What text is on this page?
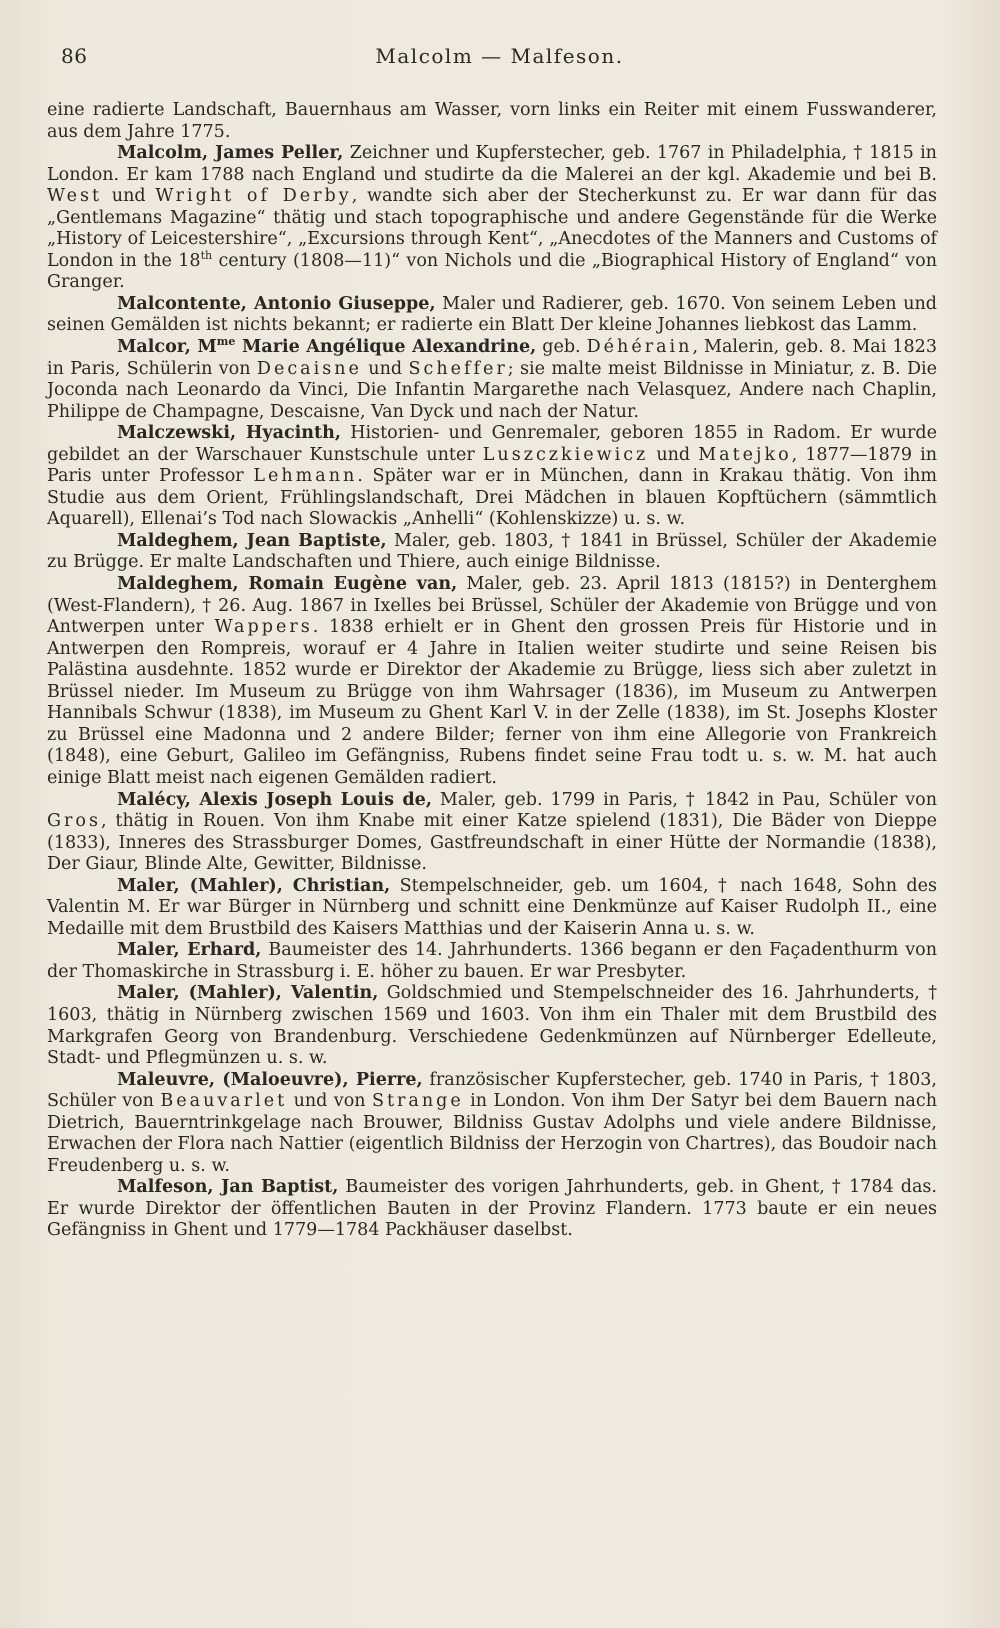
86	Malcolm — Malfeson.

eine radierte Landschaft, Bauernhaus am Wasser, vorn links ein Reiter mit einem Fusswanderer, aus dem Jahre 1775.

Malcolm, James Peller, Zeichner und Kupferstecher, geb. 1767 in Philadelphia, † 1815 in London. Er kam 1788 nach England und studirte da die Malerei an der kgl. Akademie und bei B. West und Wright of Derby, wandte sich aber der Stecherkunst zu. Er war dann für das „Gentlemans Magazine“ thätig und stach topographische und andere Gegenstände für die Werke „History of Leicestershire“, „Excursions through Kent“, „Anecdotes of the Manners and Customs of London in the 18th century (1808—11)“ von Nichols und die „Biographical History of England“ von Granger.

Malcontente, Antonio Giuseppe, Maler und Radierer, geb. 1670. Von seinem Leben und seinen Gemälden ist nichts bekannt; er radierte ein Blatt Der kleine Johannes liebkost das Lamm.

Malcor, $M^{me}$ Marie Angélique Alexandrine, geb. Déhérain, Malerin, geb. 8. Mai 1823 in Paris, Schülerin von Decaisne und Scheffer; sie malte meist Bildnisse in Miniatur, z. B. Die Joconda nach Leonardo da Vinci, Die Infantin Margarethe nach Velasquez, Andere nach Chaplin, Philippe de Champagne, Descaisne, Van Dyck und nach der Natur.

Malczewski, Hyacinth, Historien- und Genremaler, geboren 1855 in Radom. Er wurde gebildet an der Warschauer Kunstschule unter Luszczkiewicz und Matejko, 1877—1879 in Paris unter Professor Lehmann. Später war er in München, dann in Krakau thätig. Von ihm Studie aus dem Orient, Frühlingslandschaft, Drei Mädchen in blauen Kopftüchern (sämmtlich Aquarell), Ellenai’s Tod nach Slowackis „Anhelli“ (Kohlenskizze) u. s. w.

Maldeghem, Jean Baptiste, Maler, geb. 1803, † 1841 in Brüssel, Schüler der Akademie zu Brügge. Er malte Landschaften und Thiere, auch einige Bildnisse.

Maldeghem, Romain Eugène van, Maler, geb. 23. April 1813 (1815?) in Denterghem (West-Flandern), † 26. Aug. 1867 in Ixelles bei Brüssel, Schüler der Akademie von Brügge und von Antwerpen unter Wappers. 1838 erhielt er in Ghent den grossen Preis für Historie und in Antwerpen den Rompreis, worauf er 4 Jahre in Italien weiter studirte und seine Reisen bis Palästina ausdehnte. 1852 wurde er Direktor der Akademie zu Brügge, liess sich aber zuletzt in Brüssel nieder. Im Museum zu Brügge von ihm Wahrsager (1836), im Museum zu Antwerpen Hannibals Schwur (1838), im Museum zu Ghent Karl V. in der Zelle (1838), im St. Josephs Kloster zu Brüssel eine Madonna und 2 andere Bilder; ferner von ihm eine Allegorie von Frankreich (1848), eine Geburt, Galileo im Gefängniss, Rubens findet seine Frau todt u. s. w. M. hat auch einige Blatt meist nach eigenen Gemälden radiert.

Malécy, Alexis Joseph Louis de, Maler, geb. 1799 in Paris, † 1842 in Pau, Schüler von Gros, thätig in Rouen. Von ihm Knabe mit einer Katze spielend (1831), Die Bäder von Dieppe (1833), Inneres des Strassburger Domes, Gastfreundschaft in einer Hütte der Normandie (1838), Der Giaur, Blinde Alte, Gewitter, Bildnisse.

Maler, (Mahler), Christian, Stempelschneider, geb. um 1604, † nach 1648, Sohn des Valentin M. Er war Bürger in Nürnberg und schnitt eine Denkmünze auf Kaiser Rudolph II., eine Medaille mit dem Brustbild des Kaisers Matthias und der Kaiserin Anna u. s. w.

Maler, Erhard, Baumeister des 14. Jahrhunderts. 1366 begann er den Façadenthurm von der Thomaskirche in Strassburg i. E. höher zu bauen. Er war Presbyter.

Maler, (Mahler), Valentin, Goldschmied und Stempelschneider des 16. Jahrhunderts, † 1603, thätig in Nürnberg zwischen 1569 und 1603. Von ihm ein Thaler mit dem Brustbild des Markgrafen Georg von Brandenburg. Verschiedene Gedenkmünzen auf Nürnberger Edelleute, Stadt- und Pflegmünzen u. s. w.

Maleuvre, (Maloeuvre), Pierre, französischer Kupferstecher, geb. 1740 in Paris, † 1803, Schüler von Beauvarlet und von Strange in London. Von ihm Der Satyr bei dem Bauern nach Dietrich, Bauerntrinkgelage nach Brouwer, Bildniss Gustav Adolphs und viele andere Bildnisse, Erwachen der Flora nach Nattier (eigentlich Bildniss der Herzogin von Chartres), das Boudoir nach Freudenberg u. s. w.

Malfeson, Jan Baptist, Baumeister des vorigen Jahrhunderts, geb. in Ghent, † 1784 das. Er wurde Direktor der öffentlichen Bauten in der Provinz Flandern. 1773 baute er ein neues Gefängniss in Ghent und 1779—1784 Packhäuser daselbst.
